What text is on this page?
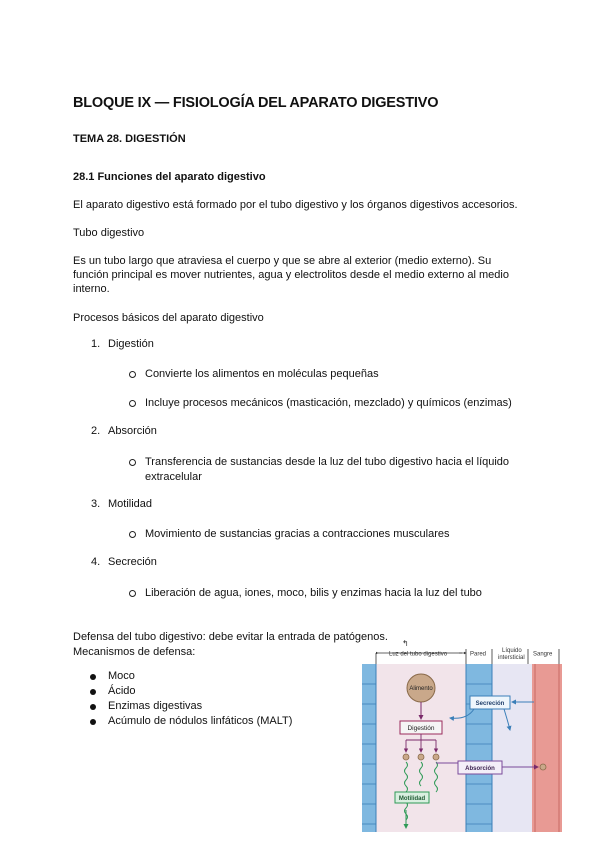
BLOQUE IX — FISIOLOGÍA DEL APARATO DIGESTIVO
TEMA 28. DIGESTIÓN
28.1 Funciones del aparato digestivo

El aparato digestivo está formado por el tubo digestivo y los órganos digestivos accesorios.

Tubo digestivo

Es un tubo largo que atraviesa el cuerpo y que se abre al exterior (medio externo). Su

función principal es mover nutrientes, agua y electrolitos desde el medio externo al medio

interno.

Procesos básicos del aparato digestivo

1. Digestión
Convierte los alimentos en moléculas pequeñas
Incluye procesos mecánicos (masticación, mezclado) y químicos (enzimas)
2. Absorción
Transferencia de sustancias desde la luz del tubo digestivo hacia el líquido
extracelular
3. Motilidad
Movimiento de sustancias gracias a contracciones musculares
4. Secreción
Liberación de agua, iones, moco, bilis y enzimas hacia la luz del tubo

Defensa del tubo digestivo: debe evitar la entrada de patógenos.

Mecanismos de defensa:

Moco
Ácido
Enzimas digestivas
Acúmulo de nódulos linfáticos (MALT)
Luz del tubo digestivo	Pared
Líquido
intersticial
Sangre
↰
Alimento
Digestión
Motilidad
Secreción
Absorción
